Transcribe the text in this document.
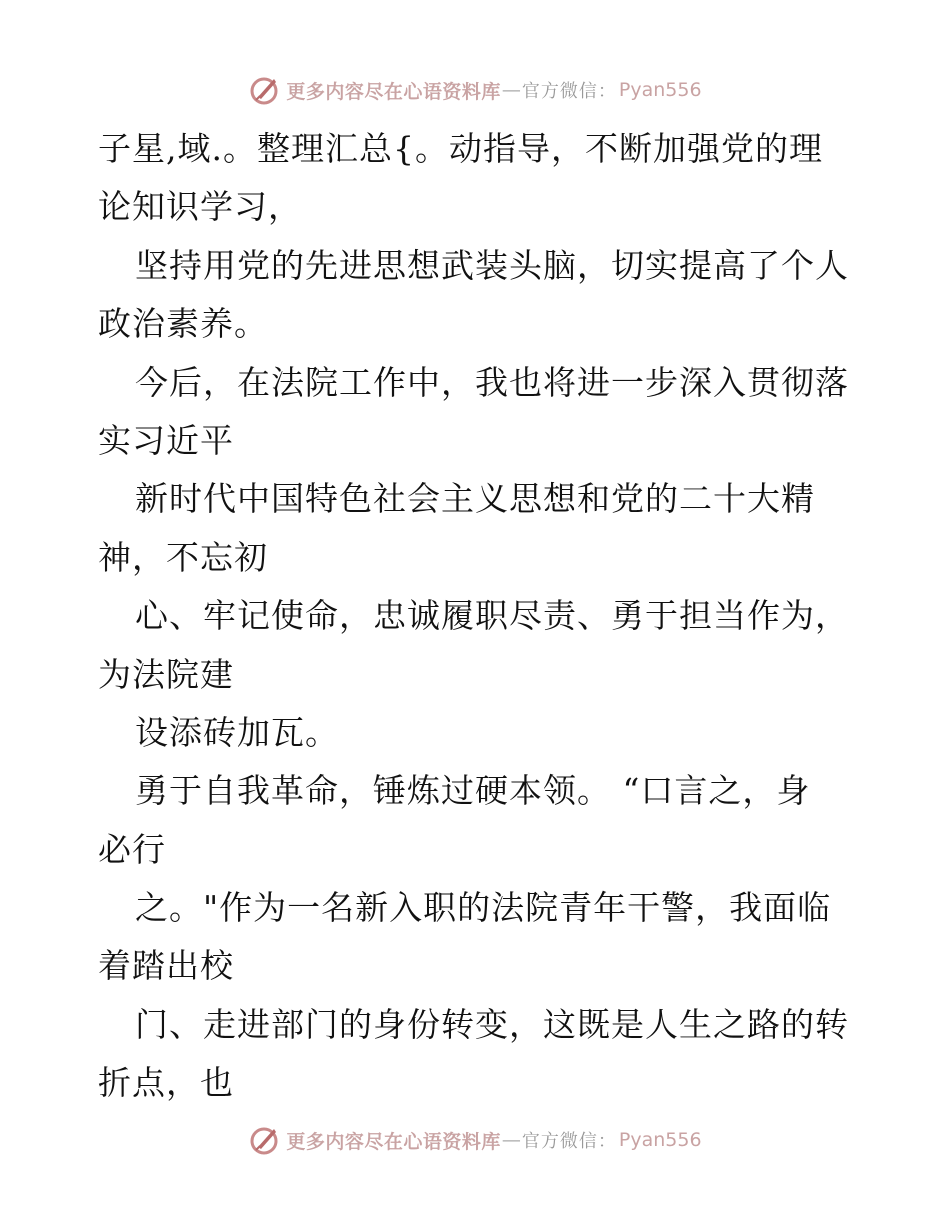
更多内容尽在心语资料库 — 官方微信： Pyan556
子星,域.。整理汇总{。动指导，不断加强党的理
论知识学习，
坚持用党的先进思想武装头脑，切实提高了个人
政治素养。
今后，在法院工作中，我也将进一步深入贯彻落
实习近平
新时代中国特色社会主义思想和党的二十大精
神，不忘初
心、牢记使命，忠诚履职尽责、勇于担当作为，
为法院建
设添砖加瓦。
勇于自我革命，锤炼过硬本领。 “口言之，身
必行
之。"作为一名新入职的法院青年干警，我面临
着踏出校
门、走进部门的身份转变，这既是人生之路的转
折点，也
更多内容尽在心语资料库 — 官方微信： Pyan556
